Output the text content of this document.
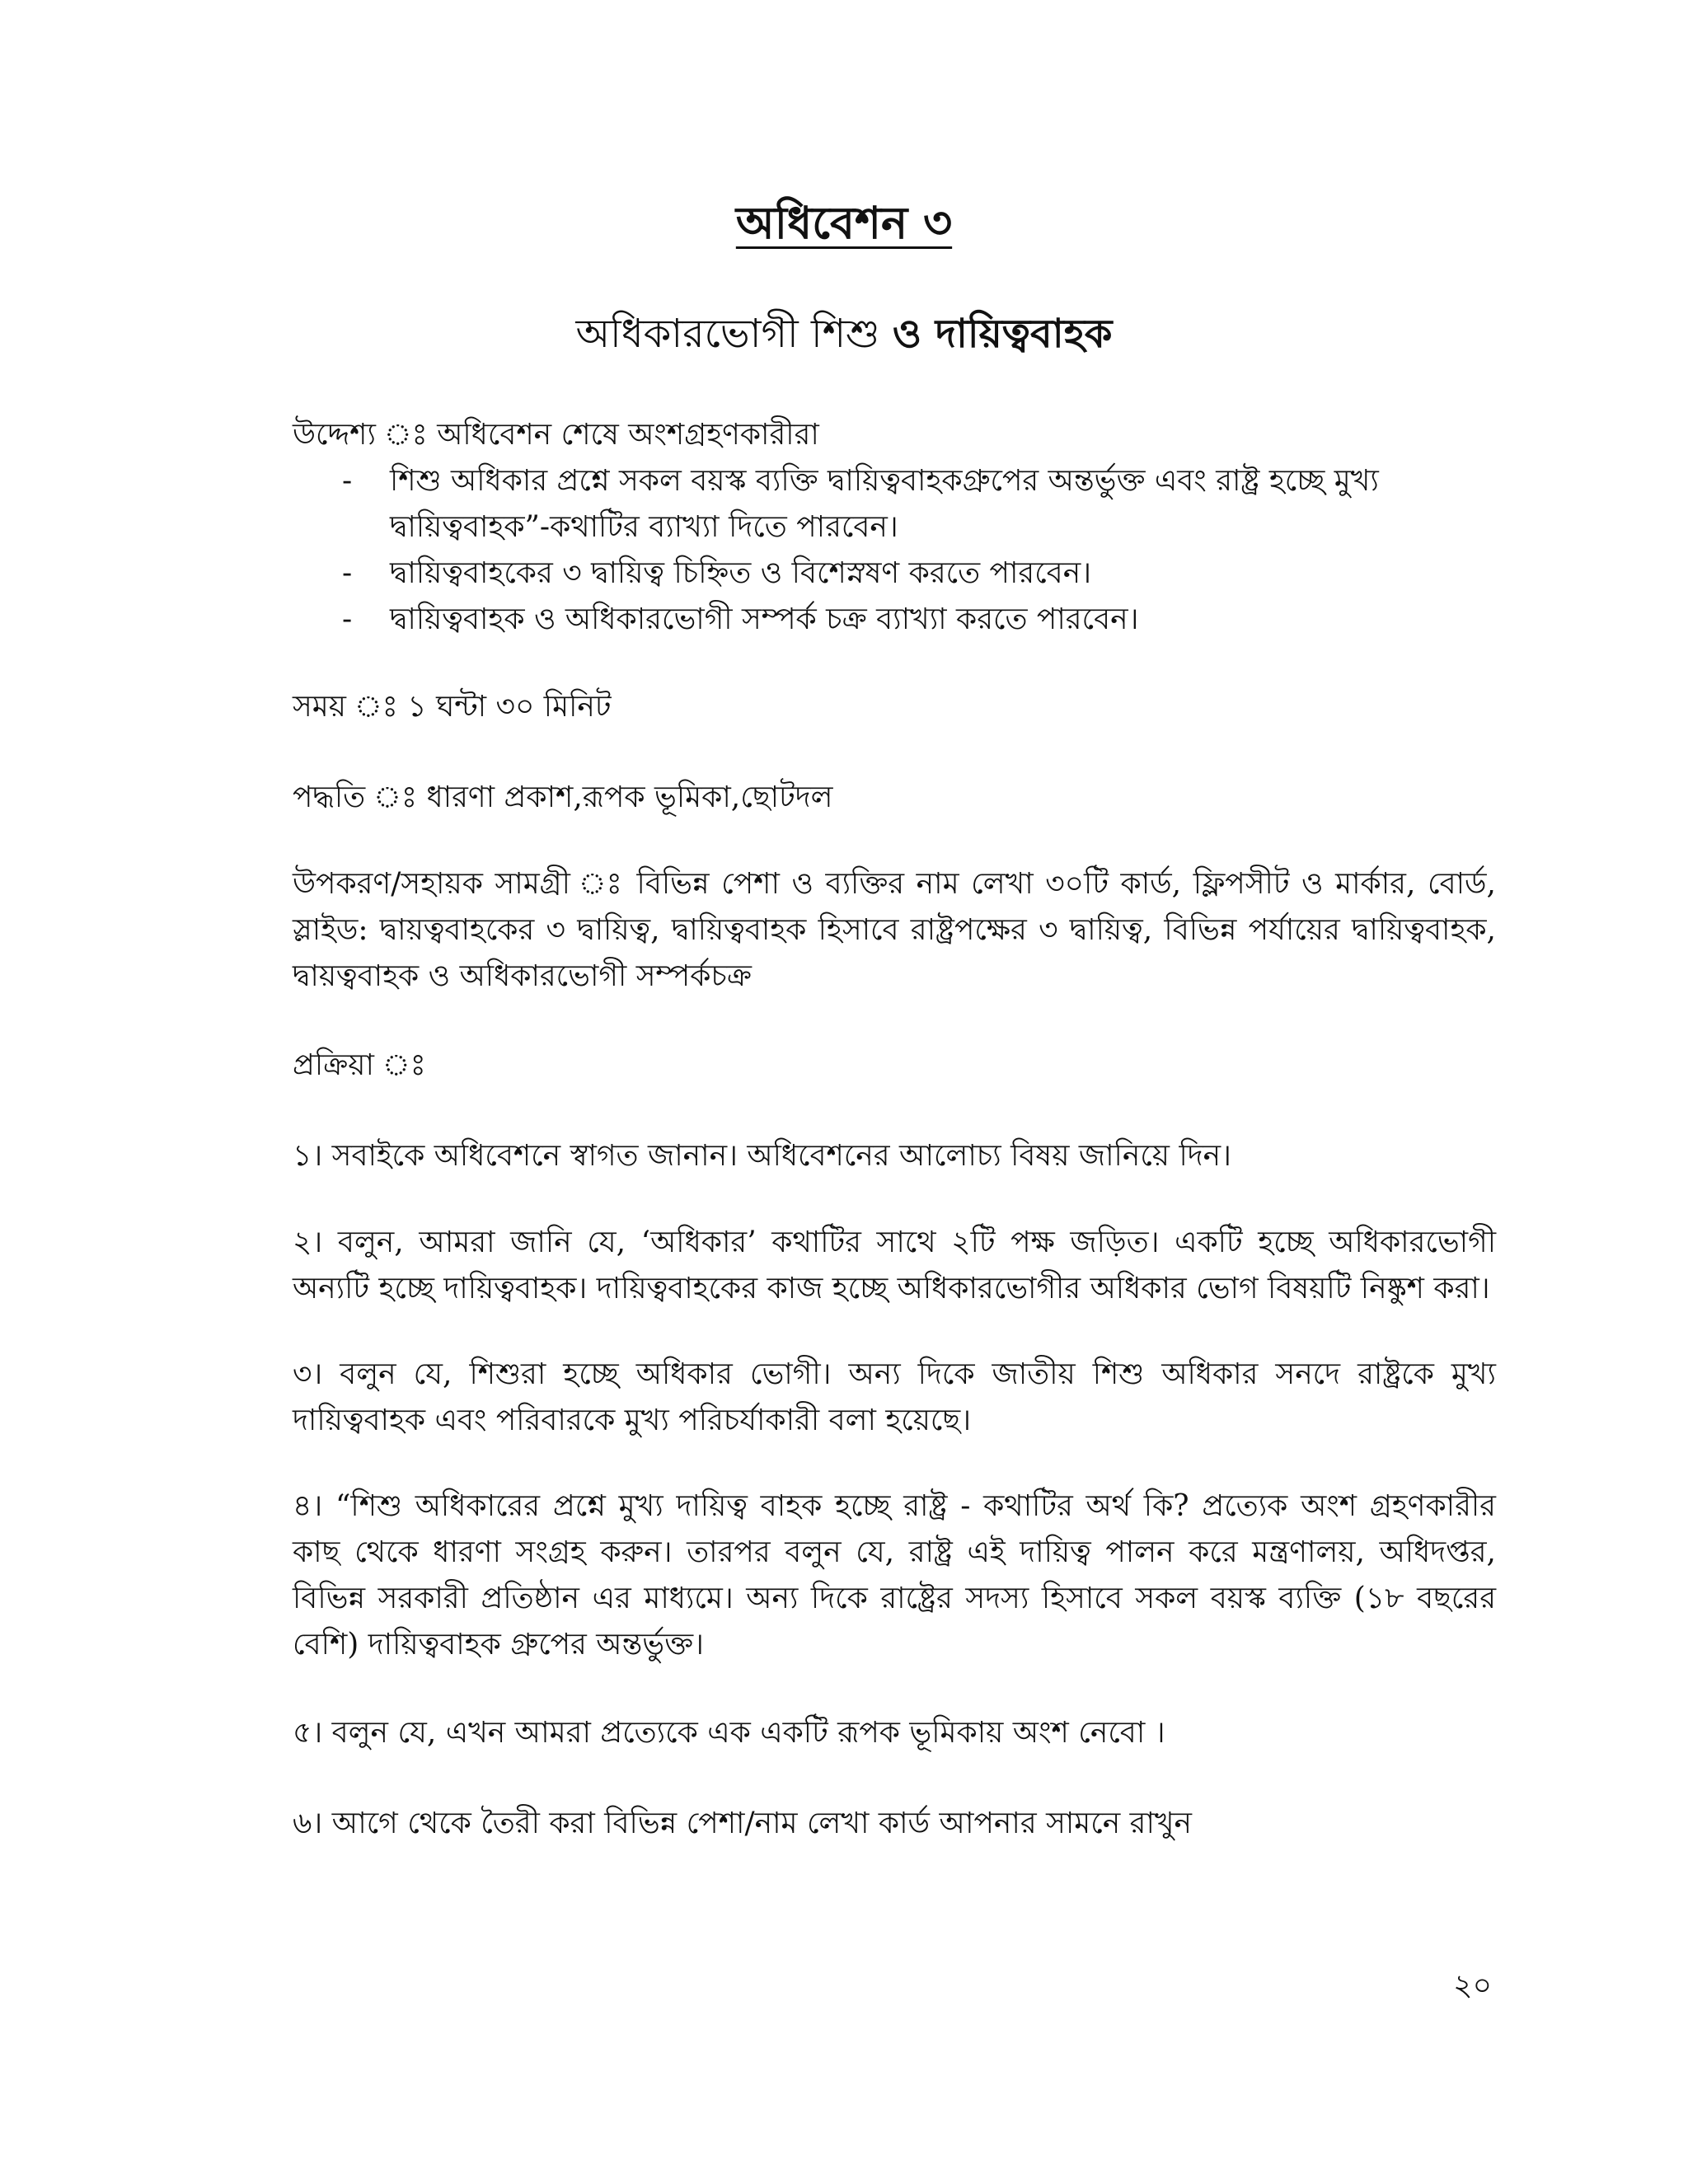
অধিবেশন ৩
অধিকারভোগী শিশু ও দায়িত্ববাহক
উদ্দেশ্য ঃ অধিবেশন শেষে অংশগ্রহণকারীরা
- শিশু অধিকার প্রশ্নে সকল বয়স্ক ব্যক্তি দ্বায়িত্ববাহকগ্রুপের অন্তর্ভুক্ত এবং রাষ্ট্র হচ্ছে মুখ্য দ্বায়িত্ববাহক”-কথাটির ব্যাখ্যা দিতে পারবেন।
- দ্বায়িত্ববাহকের ৩ দ্বায়িত্ব চিহ্নিত ও বিশেস্নষণ করতে পারবেন।
- দ্বায়িত্ববাহক ও অধিকারভোগী সম্পর্ক চক্র ব্যাখ্যা করতে পারবেন।
সময় ঃ ১ ঘন্টা ৩০ মিনিট
পদ্ধতি ঃ ধারণা প্রকাশ,রূপক ভূমিকা,ছোটদল
উপকরণ/সহায়ক সামগ্রী ঃ বিভিন্ন পেশা ও ব্যক্তির নাম লেখা ৩০টি কার্ড, ফ্লিপসীট ও মার্কার, বোর্ড, স্লাইড: দ্বায়ত্ববাহকের ৩ দ্বায়িত্ব, দ্বায়িত্ববাহক হিসাবে রাষ্ট্রপক্ষের ৩ দ্বায়িত্ব, বিভিন্ন পর্যায়ের দ্বায়িত্ববাহক, দ্বায়ত্ববাহক ও অধিকারভোগী সম্পর্কচক্র
প্রক্রিয়া ঃ
১। সবাইকে অধিবেশনে স্বাগত জানান। অধিবেশনের আলোচ্য বিষয় জানিয়ে দিন।
২। বলুন, আমরা জানি যে, ‘অধিকার’ কথাটির সাথে ২টি পক্ষ জড়িত। একটি হচ্ছে অধিকারভোগী অন্যটি হচ্ছে দায়িত্ববাহক। দায়িত্ববাহকের কাজ হচ্ছে অধিকারভোগীর অধিকার ভোগ বিষয়টি নিষ্কুশ করা।
৩। বলুন যে, শিশুরা হচ্ছে অধিকার ভোগী। অন্য দিকে জাতীয় শিশু অধিকার সনদে রাষ্ট্রকে মুখ্য দায়িত্ববাহক এবং পরিবারকে মুখ্য পরিচর্যাকারী বলা হয়েছে।
৪। “শিশু অধিকারের প্রশ্নে মুখ্য দায়িত্ব বাহক হচ্ছে রাষ্ট্র - কথাটির অর্থ কি? প্রত্যেক অংশ গ্রহণকারীর কাছ থেকে ধারণা সংগ্রহ করুন। তারপর বলুন যে, রাষ্ট্র এই দায়িত্ব পালন করে মন্ত্রণালয়, অধিদপ্তর, বিভিন্ন সরকারী প্রতিষ্ঠান এর মাধ্যমে। অন্য দিকে রাষ্ট্রের সদস্য হিসাবে সকল বয়স্ক ব্যক্তি (১৮ বছরের বেশি) দায়িত্ববাহক গ্রুপের অন্তর্ভুক্ত।
৫। বলুন যে, এখন আমরা প্রত্যেকে এক একটি রূপক ভূমিকায় অংশ নেবো ।
৬। আগে থেকে তৈরী করা বিভিন্ন পেশা/নাম লেখা কার্ড আপনার সামনে রাখুন
২০
